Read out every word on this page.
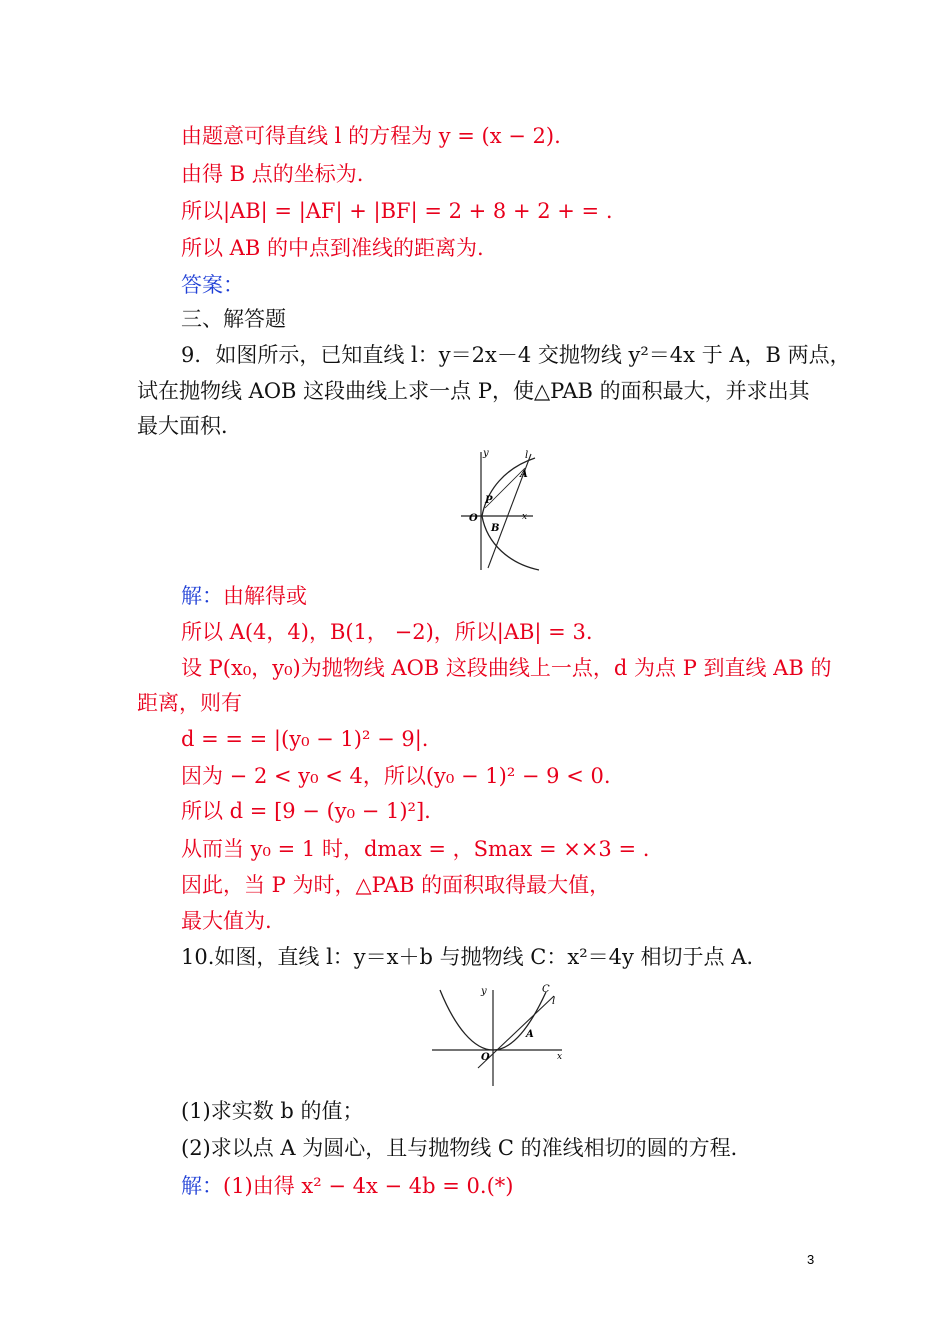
由题意可得直线 l 的方程为 y = (x − 2).
由得 B 点的坐标为.
所以|AB| = |AF| + |BF| = 2 + 8 + 2 + = .
所以 AB 的中点到准线的距离为.
答案：
三、解答题
9．如图所示，已知直线 l：y＝2x－4 交抛物线 y²＝4x 于 A，B 两点，
试在抛物线 AOB 这段曲线上求一点 P，使△PAB 的面积最大，并求出其
最大面积．
解：由解得或
所以 A(4，4)，B(1， −2)，所以|AB| = 3.
设 P(x₀，y₀)为抛物线 AOB 这段曲线上一点，d 为点 P 到直线 AB 的
距离，则有
d = = = |(y₀ − 1)² − 9|.
因为 − 2 < y₀ < 4，所以(y₀ − 1)² − 9 < 0.
所以 d = [9 − (y₀ − 1)²].
从而当 y₀ = 1 时，dmax = ，Smax = ××3 = .
因此，当 P 为时，△PAB 的面积取得最大值，
最大值为.
10.如图，直线 l：y＝x＋b 与抛物线 C：x²＝4y 相切于点 A.
(1)求实数 b 的值；
(2)求以点 A 为圆心，且与抛物线 C 的准线相切的圆的方程．
解：(1)由得 x² − 4x − 4b = 0.(*)
y	l
A
P
O	x
B
y	C
l
A
O	x
3
